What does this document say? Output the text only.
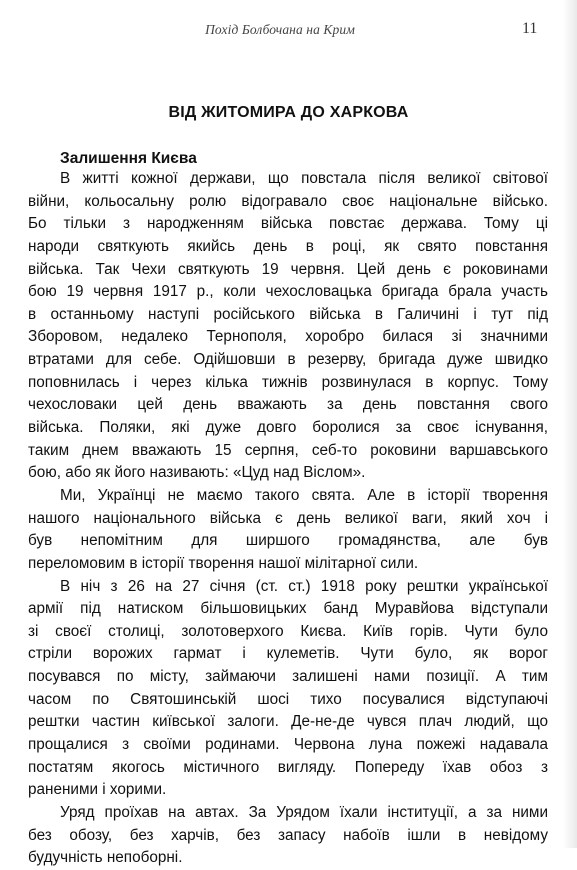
Похід Болбочана на Крим	11
ВІД ЖИТОМИРА ДО ХАРКОВА
Залишення Києва
В житті кожної держави, що повстала після великої світової
війни, кольосальну ролю відогравало своє національне військо.
Бо тільки з народженням війська повстає держава. Тому ці
народи святкують якийсь день в році, як свято повстання
війська. Так Чехи святкують 19 червня. Цей день є роковинами
бою 19 червня 1917 р., коли чехословацька бригада брала участь
в останньому наступі російського війська в Галичині і тут під
Зборовом, недалеко Тернополя, хоробро билася зі значними
втратами для себе. Одійшовши в резерву, бригада дуже швидко
поповнилась і через кілька тижнів розвинулася в корпус. Тому
чехословаки цей день вважають за день повстання свого
війська. Поляки, які дуже довго боролися за своє існування,
таким днем вважають 15 серпня, себ-то роковини варшавського
бою, або як його називають: «Цуд над Віслом».
Ми, Українці не маємо такого свята. Але в історії творення
нашого національного війська є день великої ваги, який хоч і
був непомітним для ширшого громадянства, але був
переломовим в історії творення нашої мілітарної сили.
В ніч з 26 на 27 січня (ст. ст.) 1918 року рештки української
армії під натиском більшовицьких банд Муравйова відступали
зі своєї столиці, золотоверхого Києва. Київ горів. Чути було
стріли ворожих гармат і кулеметів. Чути було, як ворог
посувався по місту, займаючи залишені нами позиції. А тим
часом по Святошинській шосі тихо посувалися відступаючі
рештки частин київської залоги. Де-не-де чувся плач людий, що
прощалися з своїми родинами. Червона луна пожежі надавала
постатям якогось містичного вигляду. Попереду їхав обоз з
раненими і хорими.
Уряд проїхав на автах. За Урядом їхали інституції, а за ними
без обозу, без харчів, без запасу набоїв ішли в невідому
будучність непоборні.
